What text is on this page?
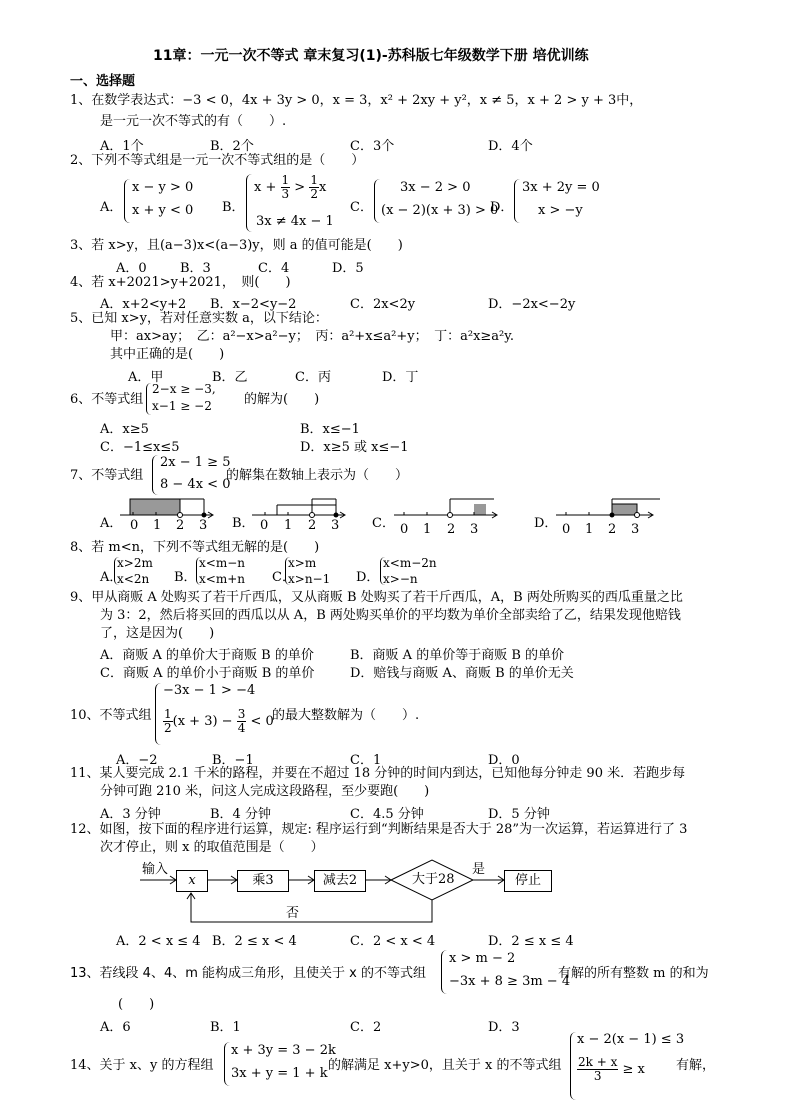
11章：一元一次不等式 章末复习(1)-苏科版七年级数学下册 培优训练
一、选择题
1、在数学表达式：−3 < 0，4x + 3y > 0，x = 3，x² + 2xy + y²，x ≠ 5，x + 2 > y + 3中，
是一元一次不等式的有（　　）.
A．1个	B．2个	C．3个	D．4个
2、下列不等式组是一元一次不等式组的是（　　）
A．
x − y > 0
x + y < 0 B．
$x + \frac{1}{3} > \frac{1}{2}$ x
3x ≠ 4x − 1
C．
3x − 2 > 0
(x − 2)(x + 3) > 0
D．
3x + 2y = 0
x > −y
3、若 x>y，且(a−3)x<(a−3)y，则 a 的值可能是(　　)
A．0	B．3	C．4	D．5
4、若 x+2021>y+2021，　则(　　)
A．x+2<y+2 B．x−2<y−2	C．2x<2y	D．−2x<−2y
5、已知 x>y，若对任意实数 a，以下结论：
甲：ax>ay；　乙：a²−x>a²−y；　丙：a²+x≤a²+y；　丁：a²x≥a²y.
其中正确的是(　　)
A．甲	B．乙	C．丙	D．丁
6、不等式组
2−x ≥ −3,
x−1 ≥ −2 的解为(　　)
A．x≥5	B．x≤−1
C．−1≤x≤5	D．x≥5 或 x≤−1
7、不等式组
2x − 1 ≥ 5
8 − 4x < 0
的解集在数轴上表示为（　　）
A．	B．	C．	D．
0 1 2 3	0 1 2 3	0 1 2 3	0 1 2 3
8、若 m<n，下列不等式组无解的是(　　)
A．
x>2m
x<2n B．
x<m−n
x<m+n C．
x>m
x>n−1 D．
x<m−2n
x>−n
9、甲从商贩 A 处购买了若干斤西瓜，又从商贩 B 处购买了若干斤西瓜，A，B 两处所购买的西瓜重量之比
为 3：2，然后将买回的西瓜以从 A，B 两处购买单价的平均数为单价全部卖给了乙，结果发现他赔钱
了，这是因为(　　)
A．商贩 A 的单价大于商贩 B 的单价	B．商贩 A 的单价等于商贩 B 的单价
C．商贩 A 的单价小于商贩 B 的单价	D．赔钱与商贩 A、商贩 B 的单价无关
10、不等式组
−3x − 1 > −4
$\frac{1}{2} (x + 3) - \frac{3}{4} < 0$
的最大整数解为（　　）.
A．−2	B．−1	C．1	D．0
11、某人要完成 2.1 千米的路程，并要在不超过 18 分钟的时间内到达，已知他每分钟走 90 米．若跑步每
分钟可跑 210 米，问这人完成这段路程，至少要跑(　　)
A．3 分钟	B．4 分钟	C．4.5 分钟	D．5 分钟
12、如图，按下面的程序进行运算，规定: 程序运行到“判断结果是否大于 28”为一次运算，若运算进行了 3
次才停止，则 x 的取值范围是（　　）
输入
x	乘3	减去2	大于28
是
停止
否
A．2 < x ≤ 4 B．2 ≤ x < 4	C．2 < x < 4	D．2 ≤ x ≤ 4
13、若线段 4、4、m 能构成三角形，且使关于 x 的不等式组
x > m − 2
−3x + 8 ≥ 3m − 4
有解的所有整数 m 的和为
(　　)
A．6	B．1	C．2	D．3
14、关于 x、y 的方程组
x + 3y = 3 − 2k
3x + y = 1 + k
的解满足 x+y>0，且关于 x 的不等式组
x − 2(x − 1) ≤ 3
$\frac{2k + x}{3} \ge x$ 有解，
